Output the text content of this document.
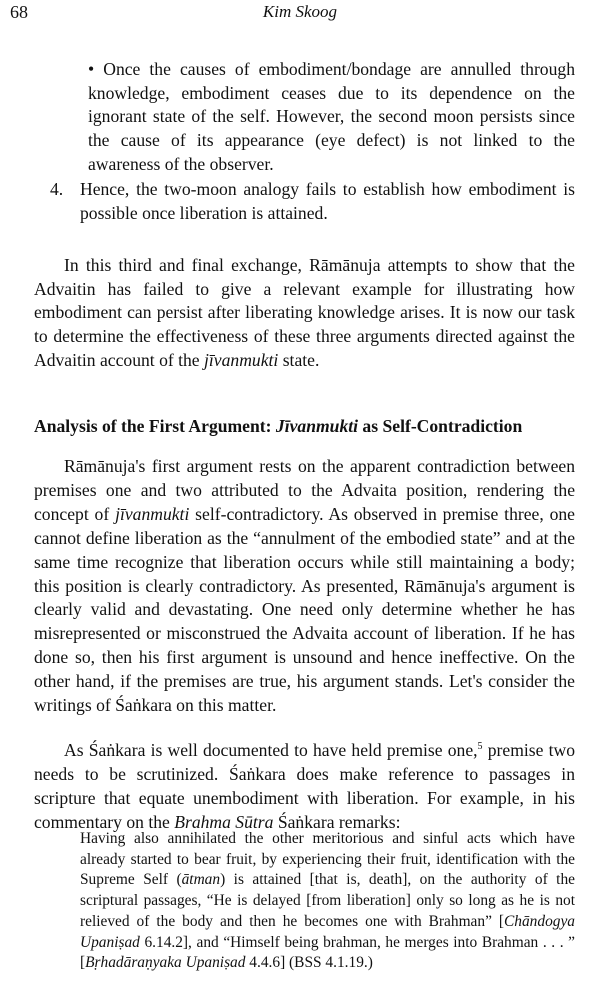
68	Kim Skoog

• Once the causes of embodiment/bondage are annulled through knowledge, embodiment ceases due to its dependence on the ignorant state of the self. However, the second moon persists since the cause of its appearance (eye defect) is not linked to the awareness of the observer.

4. Hence, the two-moon analogy fails to establish how embodiment is possible once liberation is attained.

In this third and final exchange, Rāmānuja attempts to show that the Advaitin has failed to give a relevant example for illustrating how embodiment can persist after liberating knowledge arises. It is now our task to determine the effectiveness of these three arguments directed against the Advaitin account of the jīvanmukti state.

Analysis of the First Argument: Jīvanmukti as Self-Contradiction

Rāmānuja's first argument rests on the apparent contradiction between premises one and two attributed to the Advaita position, rendering the concept of jīvanmukti self-contradictory. As observed in premise three, one cannot define liberation as the “annulment of the embodied state” and at the same time recognize that liberation occurs while still maintaining a body; this position is clearly contradictory. As presented, Rāmānuja's argument is clearly valid and devastating. One need only determine whether he has misrepresented or misconstrued the Advaita account of liberation. If he has done so, then his first argument is unsound and hence ineffective. On the other hand, if the premises are true, his argument stands. Let's consider the writings of Śaṅkara on this matter.

As Śaṅkara is well documented to have held premise one,$^5$ premise two needs to be scrutinized. Śaṅkara does make reference to passages in scripture that equate unembodiment with liberation. For example, in his commentary on the Brahma Sūtra Śaṅkara remarks:

Having also annihilated the other meritorious and sinful acts which have already started to bear fruit, by experiencing their fruit, identification with the Supreme Self (ātman) is attained [that is, death], on the authority of the scriptural passages, “He is delayed [from liberation] only so long as he is not relieved of the body and then he becomes one with Brahman” [Chāndogya Upaniṣad 6.14.2], and “Himself being brahman, he merges into Brahman . . . ” [Bṛhadāraṇyaka Upaniṣad 4.4.6] (BSS 4.1.19.)
